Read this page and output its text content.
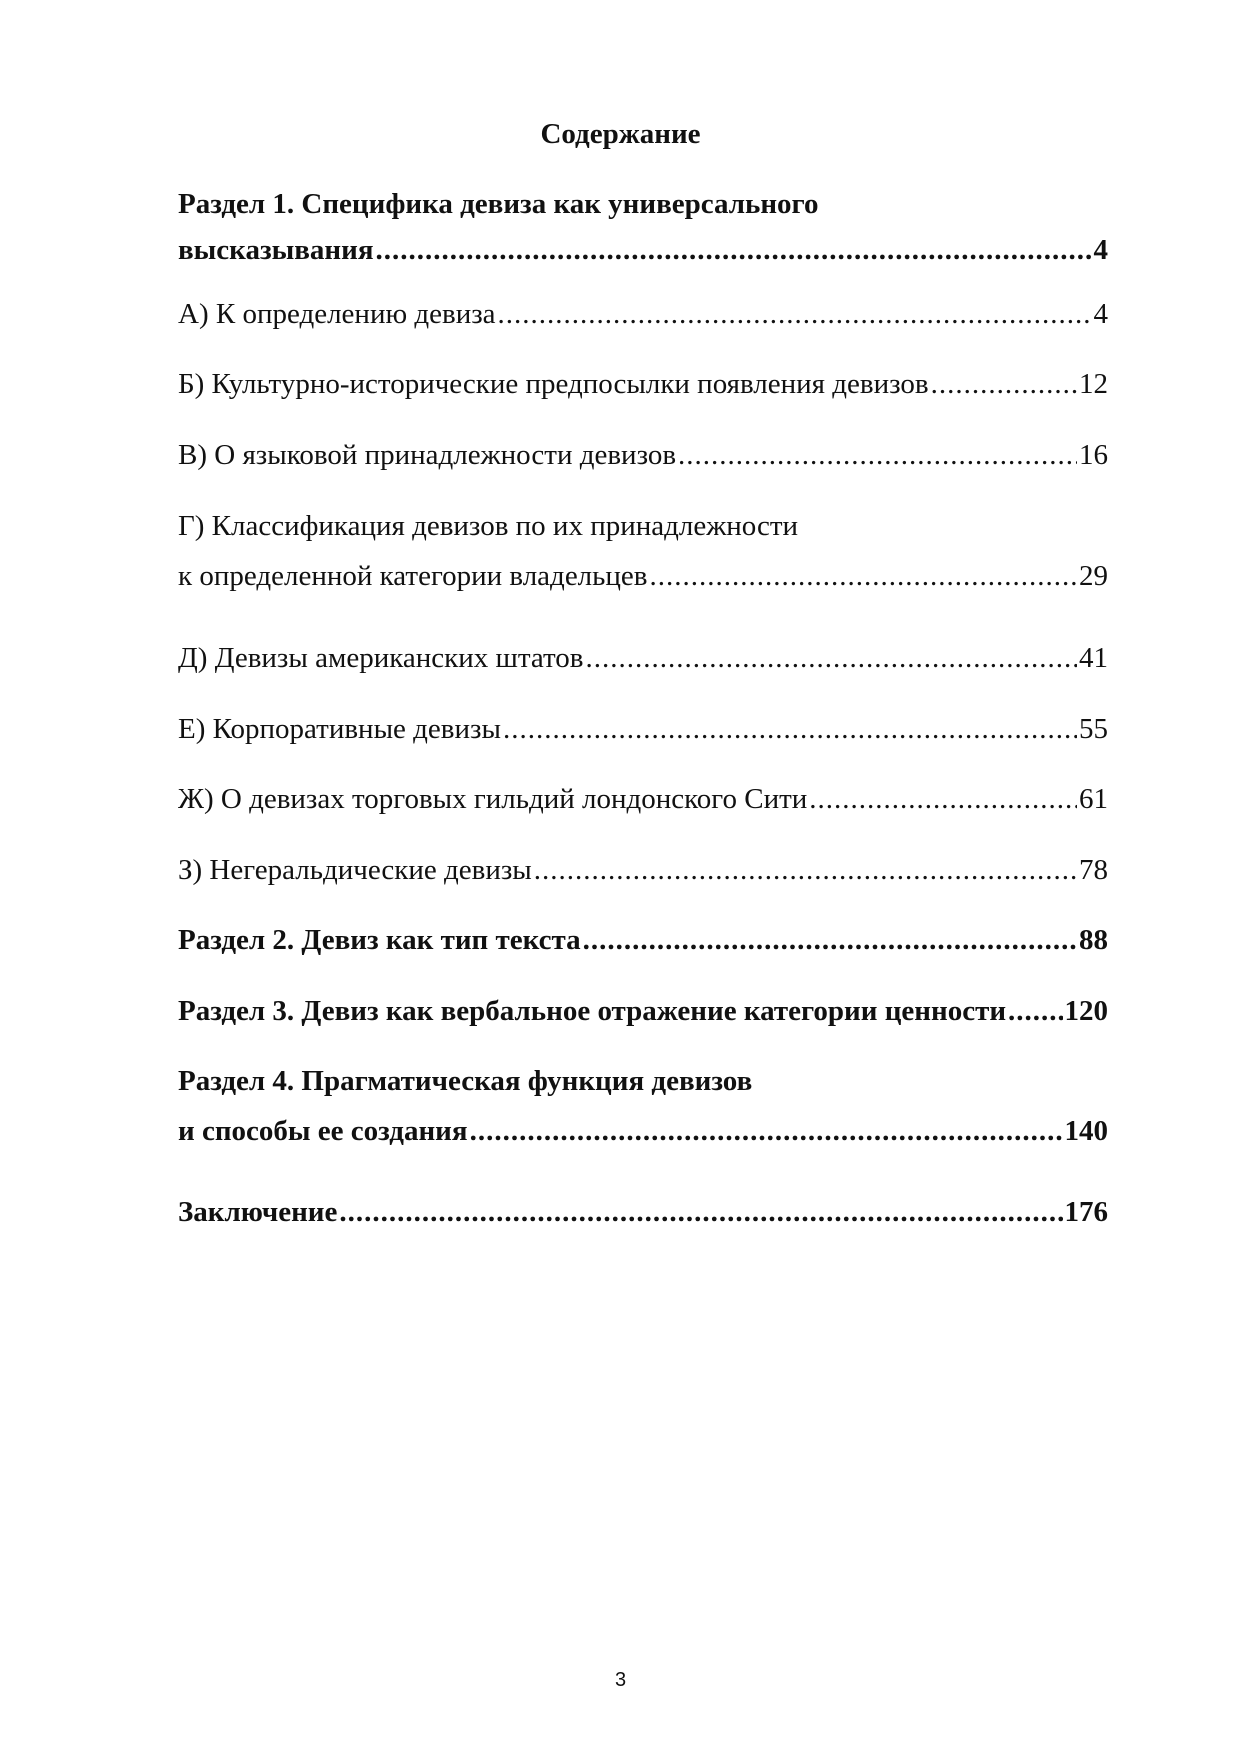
Содержание
Раздел 1. Специфика девиза как универсального
высказывания .....	4
А) К определению девиза .....	4
Б) Культурно-исторические предпосылки появления девизов .....	12
В) О языковой принадлежности девизов .....	16
Г) Классификация девизов по их принадлежности
к определенной категории владельцев .....	29
Д) Девизы американских штатов .....	41
Е) Корпоративные девизы .....	55
Ж) О девизах торговых гильдий лондонского Сити .....	61
З) Негеральдические девизы .....	78
Раздел 2. Девиз как тип текста .....	88
Раздел 3. Девиз как вербальное отражение категории ценности ..... 120
Раздел 4. Прагматическая функция девизов
и способы ее создания .....	140
Заключение .....	176
3
